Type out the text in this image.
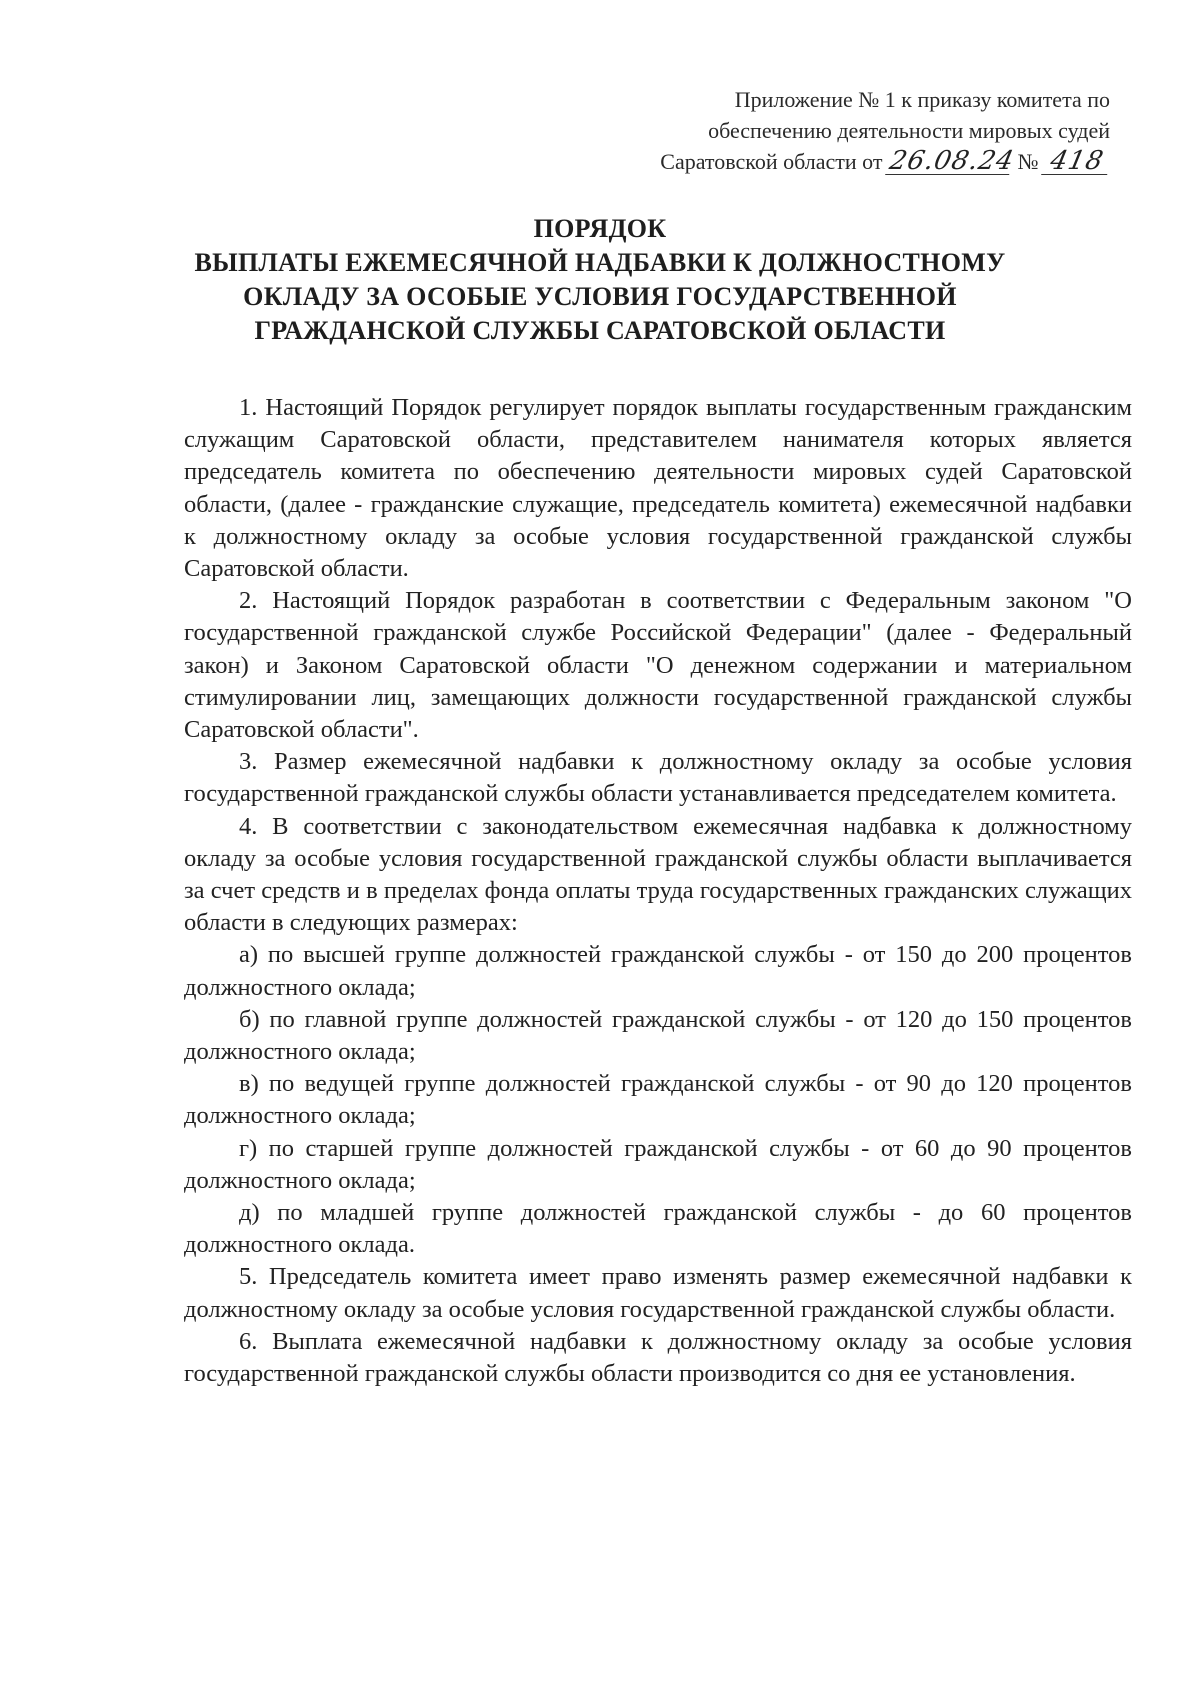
Приложение № 1 к приказу комитета по
обеспечению деятельности мировых судей
Саратовской области от 26.08.24 № 418
ПОРЯДОК
ВЫПЛАТЫ ЕЖЕМЕСЯЧНОЙ НАДБАВКИ К ДОЛЖНОСТНОМУ
ОКЛАДУ ЗА ОСОБЫЕ УСЛОВИЯ ГОСУДАРСТВЕННОЙ
ГРАЖДАНСКОЙ СЛУЖБЫ САРАТОВСКОЙ ОБЛАСТИ

1. Настоящий Порядок регулирует порядок выплаты государственным гражданским служащим Саратовской области, представителем нанимателя которых является председатель комитета по обеспечению деятельности мировых судей Саратовской области, (далее - гражданские служащие, председатель комитета) ежемесячной надбавки к должностному окладу за особые условия государственной гражданской службы Саратовской области.

2. Настоящий Порядок разработан в соответствии с Федеральным законом "О государственной гражданской службе Российской Федерации" (далее - Федеральный закон) и Законом Саратовской области "О денежном содержании и материальном стимулировании лиц, замещающих должности государственной гражданской службы Саратовской области".

3. Размер ежемесячной надбавки к должностному окладу за особые условия государственной гражданской службы области устанавливается председателем комитета.

4. В соответствии с законодательством ежемесячная надбавка к должностному окладу за особые условия государственной гражданской службы области выплачивается за счет средств и в пределах фонда оплаты труда государственных гражданских служащих области в следующих размерах:

а) по высшей группе должностей гражданской службы - от 150 до 200 процентов должностного оклада;

б) по главной группе должностей гражданской службы - от 120 до 150 процентов должностного оклада;

в) по ведущей группе должностей гражданской службы - от 90 до 120 процентов должностного оклада;

г) по старшей группе должностей гражданской службы - от 60 до 90 процентов должностного оклада;

д) по младшей группе должностей гражданской службы - до 60 процентов должностного оклада.

5. Председатель комитета имеет право изменять размер ежемесячной надбавки к должностному окладу за особые условия государственной гражданской службы области.

6. Выплата ежемесячной надбавки к должностному окладу за особые условия государственной гражданской службы области производится со дня ее установления.
